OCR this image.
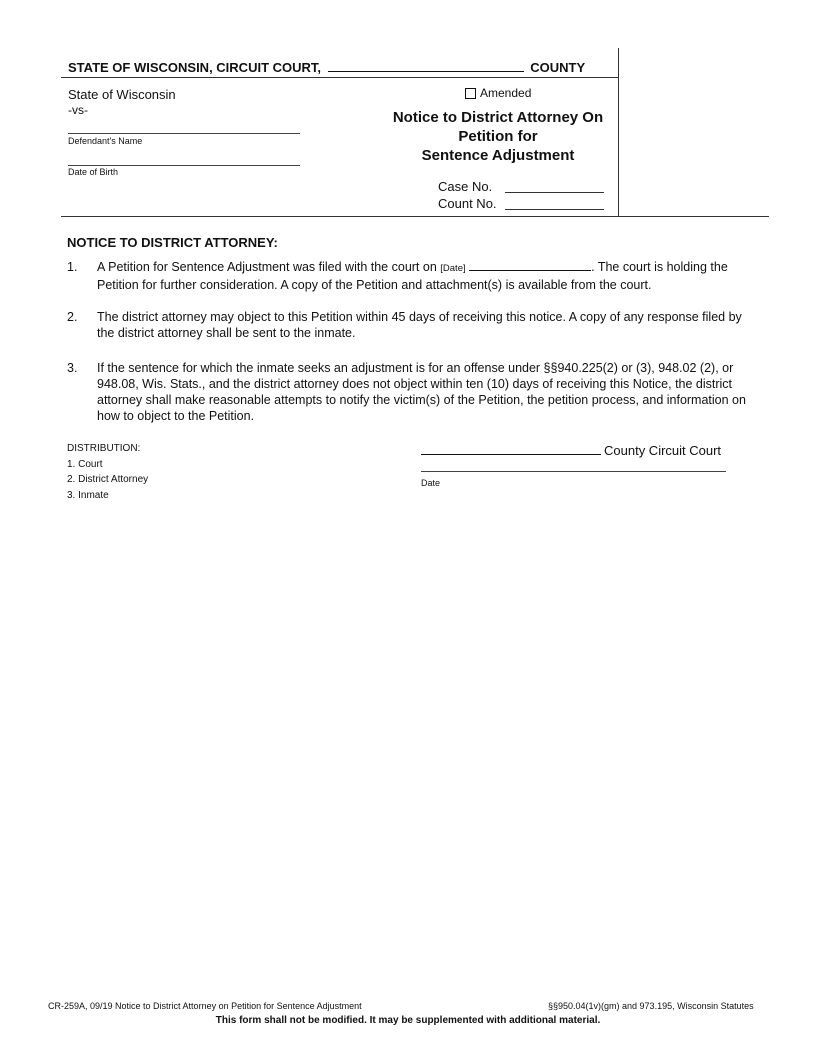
STATE OF WISCONSIN, CIRCUIT COURT,	COUNTY
State of Wisconsin
-vs-
Defendant's Name
Date of Birth
Amended
Notice to District Attorney On
Petition for
Sentence Adjustment
Case No.
Count No.
NOTICE TO DISTRICT ATTORNEY:
1. A Petition for Sentence Adjustment was filed with the court on [Date]	. The court is holding the Petition for further consideration. A copy of the Petition and attachment(s) is available from the court.
2. The district attorney may object to this Petition within 45 days of receiving this notice. A copy of any response filed by the district attorney shall be sent to the inmate.
3. If the sentence for which the inmate seeks an adjustment is for an offense under §§940.225(2) or (3), 948.02 (2), or 948.08, Wis. Stats., and the district attorney does not object within ten (10) days of receiving this Notice, the district attorney shall make reasonable attempts to notify the victim(s) of the Petition, the petition process, and information on how to object to the Petition.
DISTRIBUTION:
1. Court
2. District Attorney
3. Inmate
County Circuit Court
Date
CR-259A, 09/19 Notice to District Attorney on Petition for Sentence Adjustment	§§950.04(1v)(gm) and 973.195, Wisconsin Statutes
This form shall not be modified. It may be supplemented with additional material.
